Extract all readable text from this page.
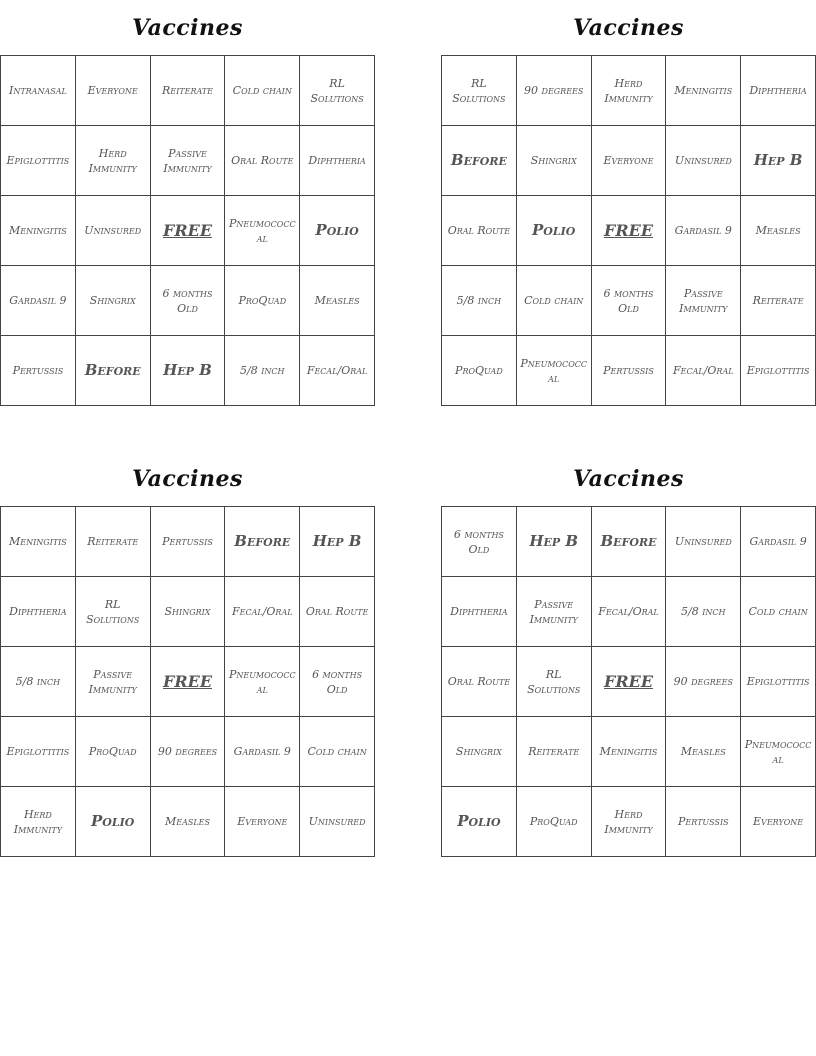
Vaccines
Intranasal	Everyone	Reiterate	Cold chain	RL Solutions
Epiglottitis	Herd Immunity	Passive Immunity	Oral Route	Diphtheria
Meningitis	Uninsured	FREE	Pneumococcal	Polio
Gardasil 9	Shingrix	6 months Old	ProQuad	Measles
Pertussis	Before	Hep B	5/8 inch	Fecal/Oral
Vaccines
RL Solutions	90 degrees	Herd Immunity	Meningitis	Diphtheria
Before	Shingrix	Everyone	Uninsured	Hep B
Oral Route	Polio	FREE	Gardasil 9	Measles
5/8 inch	Cold chain	6 months Old	Passive Immunity	Reiterate
ProQuad	Pneumococcal	Pertussis	Fecal/Oral	Epiglottitis
Vaccines
Meningitis	Reiterate	Pertussis	Before	Hep B
Diphtheria	RL Solutions	Shingrix	Fecal/Oral	Oral Route
5/8 inch	Passive Immunity	FREE	Pneumococcal	6 months Old
Epiglottitis	ProQuad	90 degrees	Gardasil 9	Cold chain
Herd Immunity	Polio	Measles	Everyone	Uninsured
Vaccines
6 months Old	Hep B	Before	Uninsured	Gardasil 9
Diphtheria	Passive Immunity	Fecal/Oral	5/8 inch	Cold chain
Oral Route	RL Solutions	FREE	90 degrees	Epiglottitis
Shingrix	Reiterate	Meningitis	Measles	Pneumococcal
Polio	ProQuad	Herd Immunity	Pertussis	Everyone
